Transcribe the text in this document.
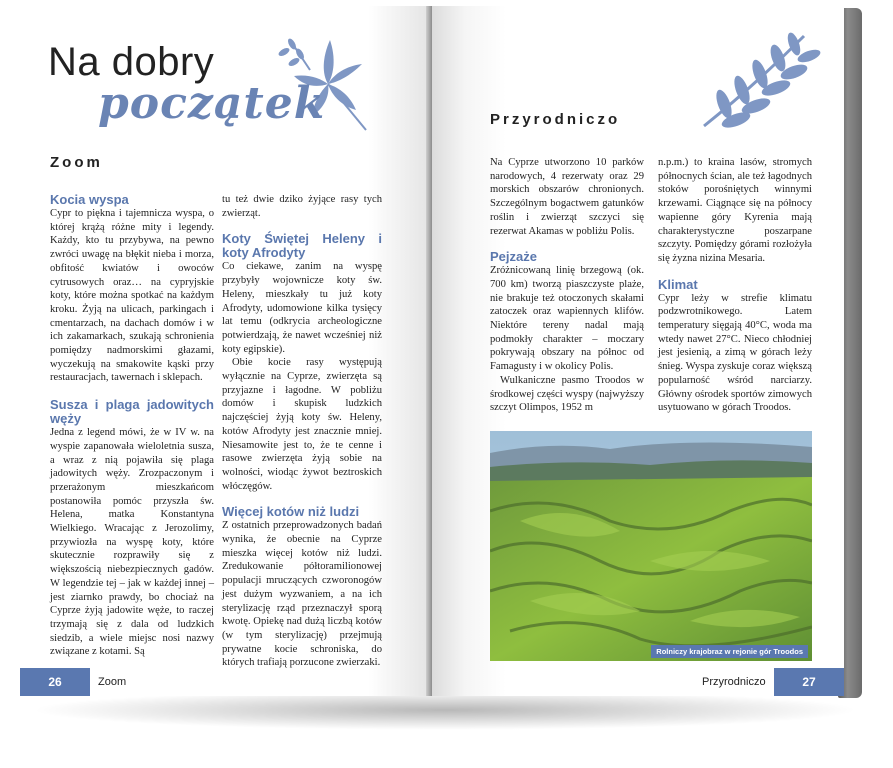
Na dobry
początek
Zoom
Kocia wyspa

Cypr to piękna i tajemnicza wyspa, o której krążą różne mity i legendy. Każdy, kto tu przybywa, na pewno zwróci uwagę na błękit nieba i morza, obfitość kwiatów i owoców cytrusowych oraz… na cypryjskie koty, które można spotkać na każdym kroku. Żyją na ulicach, parkingach i cmentarzach, na dachach domów i w ich zakamarkach, szukają schronienia pomiędzy nadmorskimi głazami, wyczekują na smakowite kąski przy restauracjach, tawernach i sklepach.

Susza i plaga jadowitych węży

Jedna z legend mówi, że w IV w. na wyspie zapanowała wieloletnia susza, a wraz z nią pojawiła się plaga jadowitych węży. Zrozpaczonym i przerażonym mieszkańcom postanowiła pomóc przyszła św. Helena, matka Konstantyna Wielkiego. Wracając z Jerozolimy, przywiozła na wyspę koty, które skutecznie rozprawiły się z większością niebezpiecznych gadów. W legendzie tej – jak w każdej innej – jest ziarnko prawdy, bo chociaż na Cyprze żyją jadowite węże, to raczej trzymają się z dala od ludzkich siedzib, a wiele miejsc nosi nazwy związane z kotami. Są

tu też dwie dziko żyjące rasy tych zwierząt.

Koty Świętej Heleny i koty Afrodyty

Co ciekawe, zanim na wyspę przybyły wojownicze koty św. Heleny, mieszkały tu już koty Afrodyty, udomowione kilka tysięcy lat temu (odkrycia archeologiczne potwierdzają, że nawet wcześniej niż koty egipskie).

Obie kocie rasy występują wyłącznie na Cyprze, zwierzęta są przyjazne i łagodne. W pobliżu domów i skupisk ludzkich najczęściej żyją koty św. Heleny, kotów Afrodyty jest znacznie mniej. Niesamowite jest to, że te cenne i rasowe zwierzęta żyją sobie na wolności, wiodąc żywot beztroskich włóczęgów.

Więcej kotów niż ludzi

Z ostatnich przeprowadzonych badań wynika, że obecnie na Cyprze mieszka więcej kotów niż ludzi. Zredukowanie półtoramilionowej populacji mruczących czworonogów jest dużym wyzwaniem, a na ich sterylizację rząd przeznaczył sporą kwotę. Opiekę nad dużą liczbą kotów (w tym sterylizację) przejmują prywatne kocie schroniska, do których trafiają porzucone zwierzaki.

26	Zoom
Przyrodniczo

Na Cyprze utworzono 10 parków narodowych, 4 rezerwaty oraz 29 morskich obszarów chronionych. Szczególnym bogactwem gatunków roślin i zwierząt szczyci się rezerwat Akamas w pobliżu Polis.

Pejzaże

Zróżnicowaną linię brzegową (ok. 700 km) tworzą piaszczyste plaże, nie brakuje też otoczonych skałami zatoczek oraz wapiennych klifów. Niektóre tereny nadal mają podmokły charakter – moczary pokrywają obszary na północ od Famagusty i w okolicy Polis.

Wulkaniczne pasmo Troodos w środkowej części wyspy (najwyższy szczyt Olimpos, 1952 m

n.p.m.) to kraina lasów, stromych północnych ścian, ale też łagodnych stoków porośniętych winnymi krzewami. Ciągnące się na północy wapienne góry Kyrenia mają charakterystyczne poszarpane szczyty. Pomiędzy górami rozłożyła się żyzna nizina Mesaria.

Klimat

Cypr leży w strefie klimatu podzwrotnikowego. Latem temperatury sięgają 40°C, woda ma wtedy nawet 27°C. Nieco chłodniej jest jesienią, a zimą w górach leży śnieg. Wyspa zyskuje coraz większą popularność wśród narciarzy. Główny ośrodek sportów zimowych usytuowano w górach Troodos.

Rolniczy krajobraz w rejonie gór Troodos
Przyrodniczo	27
